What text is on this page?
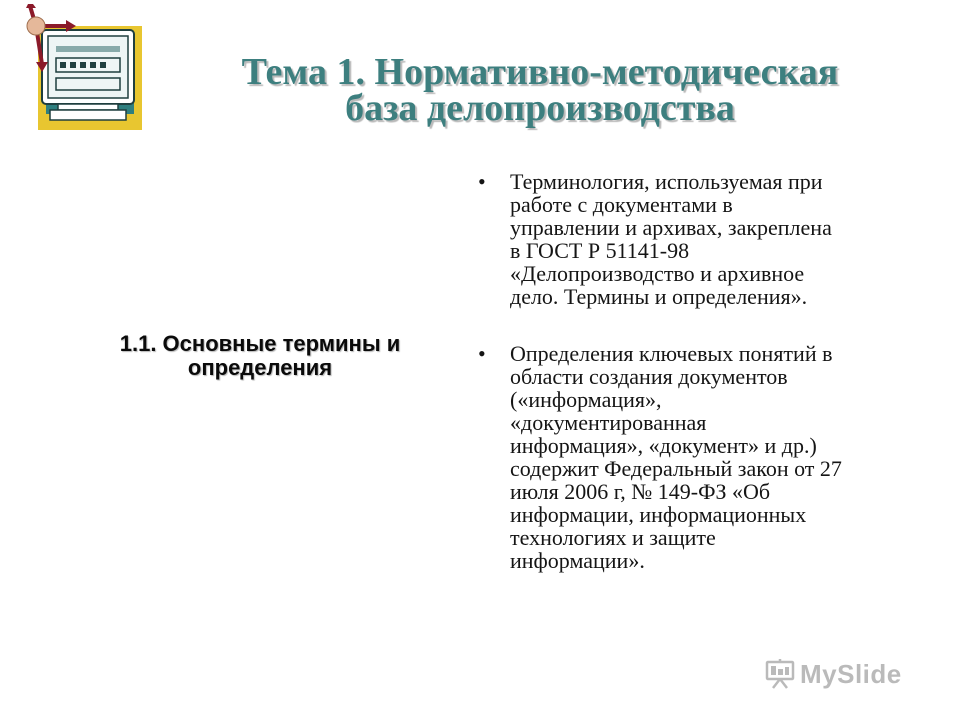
Тема 1. Нормативно-методическая
база делопроизводства
1.1. Основные термины и
определения
• Терминология, используемая при
работе с документами в
управлении и архивах, закреплена
в ГОСТ Р 51141-98
«Делопроизводство и архивное
дело. Термины и определения».
• Определения ключевых понятий в
области создания документов
(«информация»,
«документированная
информация», «документ» и др.)
содержит Федеральный закон от 27
июля 2006 г, № 149-ФЗ «Об
информации, информационных
технологиях и защите
информации».
MySlide
